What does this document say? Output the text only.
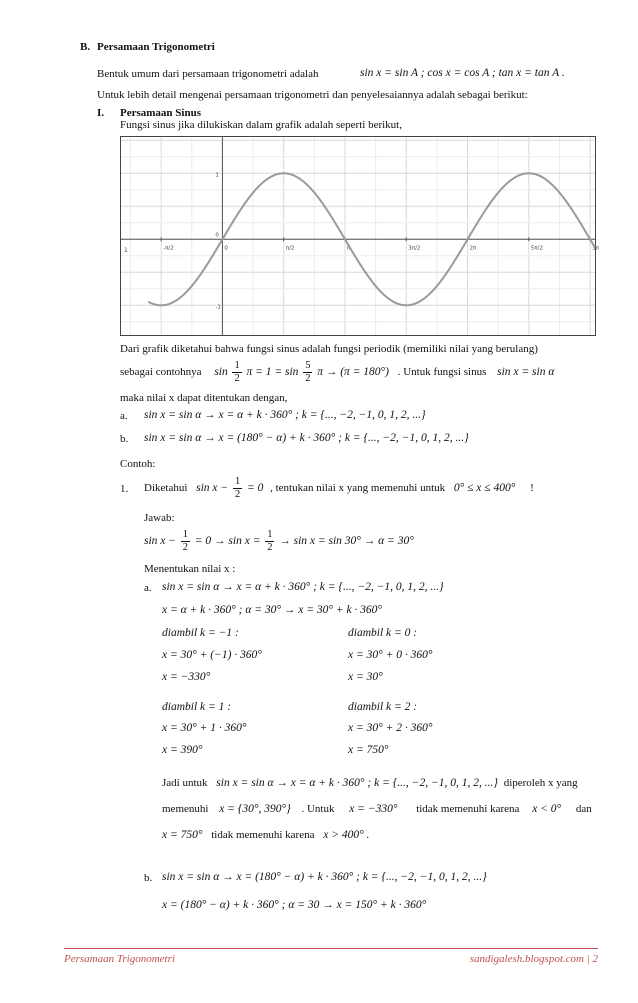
B. Persamaan Trigonometri
Bentuk umum dari persamaan trigonometri adalah	sin x = sin A ; cos x = cos A ; tan x = tan A .
Untuk lebih detail mengenai persamaan trigonometri dan penyelesaiannya adalah sebagai berikut:
I. Persamaan Sinus
Fungsi sinus jika dilukiskan dalam grafik adalah seperti berikut,
-π/2	0	π/2	π	3π/2	2π	5π/2	3π
1
0
-1
1
Dari grafik diketahui bahwa fungsi sinus adalah fungsi periodik (memiliki nilai yang berulang)
sebagai contohnya $\sin \frac{1}{2}$ $\pi = 1 = \sin \frac{5}{2}$ π → (π = 180°) . Untuk fungsi sinus sin x = sin α
maka nilai x dapat ditentukan dengan,
a. sin x = sin α → x = α + k · 360° ; k = {..., −2, −1, 0, 1, 2, ...}
b. sin x = sin α → x = (180° − α) + k · 360° ; k = {..., −2, −1, 0, 1, 2, ...}
Contoh:
1. Diketahui $\sin x - \frac{1}{2} = 0$ , tentukan nilai x yang memenuhi untuk 0° ≤ x ≤ 400° !
Jawab:
$\sin x - \frac{1}{2} = 0 \to \sin x = \frac{1}{2} \to \sin x = \sin 30^\circ \to \alpha = 30^\circ$
Menentukan nilai x :
a. sin x = sin α → x = α + k · 360° ; k = {..., −2, −1, 0, 1, 2, ...}
x = α + k · 360° ; α = 30° → x = 30° + k · 360°
diambil k = −1 :
x = 30° + (−1) · 360°
x = −330°
diambil k = 0 :
x = 30° + 0 · 360°
x = 30°
diambil k = 1 :
x = 30° + 1 · 360°
x = 390°
diambil k = 2 :
x = 30° + 2 · 360°
x = 750°
Jadi untuk sin x = sin α → x = α + k · 360° ; k = {..., −2, −1, 0, 1, 2, ...} diperoleh x yang
memenuhi x = {30°, 390°} . Untuk x = −330° tidak memenuhi karena x < 0° dan
x = 750° tidak memenuhi karena x > 400° .
b. sin x = sin α → x = (180° − α) + k · 360° ; k = {..., −2, −1, 0, 1, 2, ...}
x = (180° − α) + k · 360° ; α = 30 → x = 150° + k · 360°
Persamaan Trigonometri	sandigalesh.blogspot.com | 2
